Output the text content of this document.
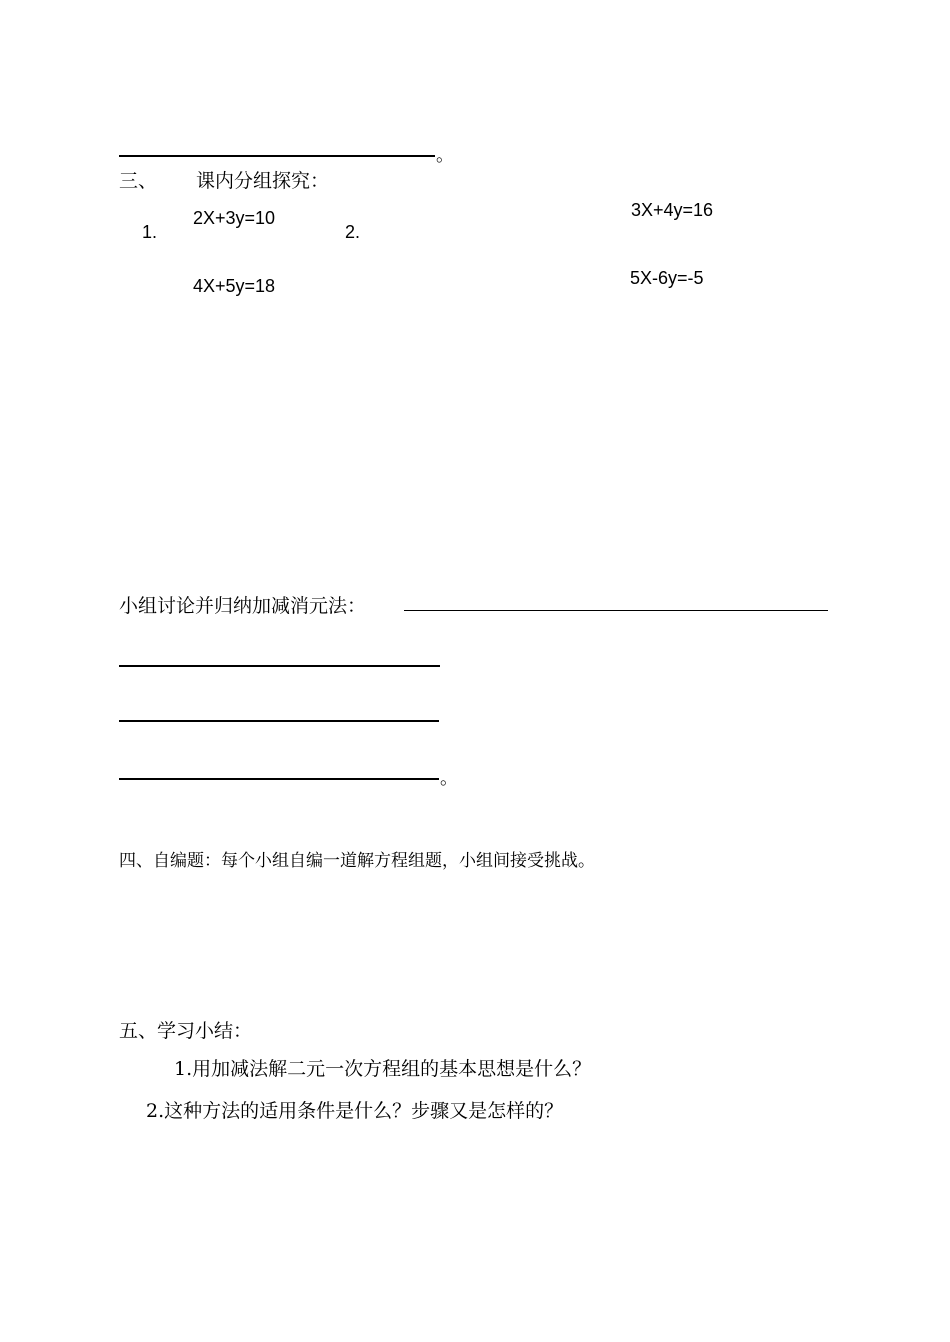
。
三、 课内分组探究：
1.
2X+3y=10
4X+5y=18
2.
3X+4y=16
5X-6y=-5
小组讨论并归纳加减消元法：
。
四、自编题：每个小组自编一道解方程组题，小组间接受挑战。
五、学习小结：
1.用加减法解二元一次方程组的基本思想是什么？
2.这种方法的适用条件是什么？步骤又是怎样的？
